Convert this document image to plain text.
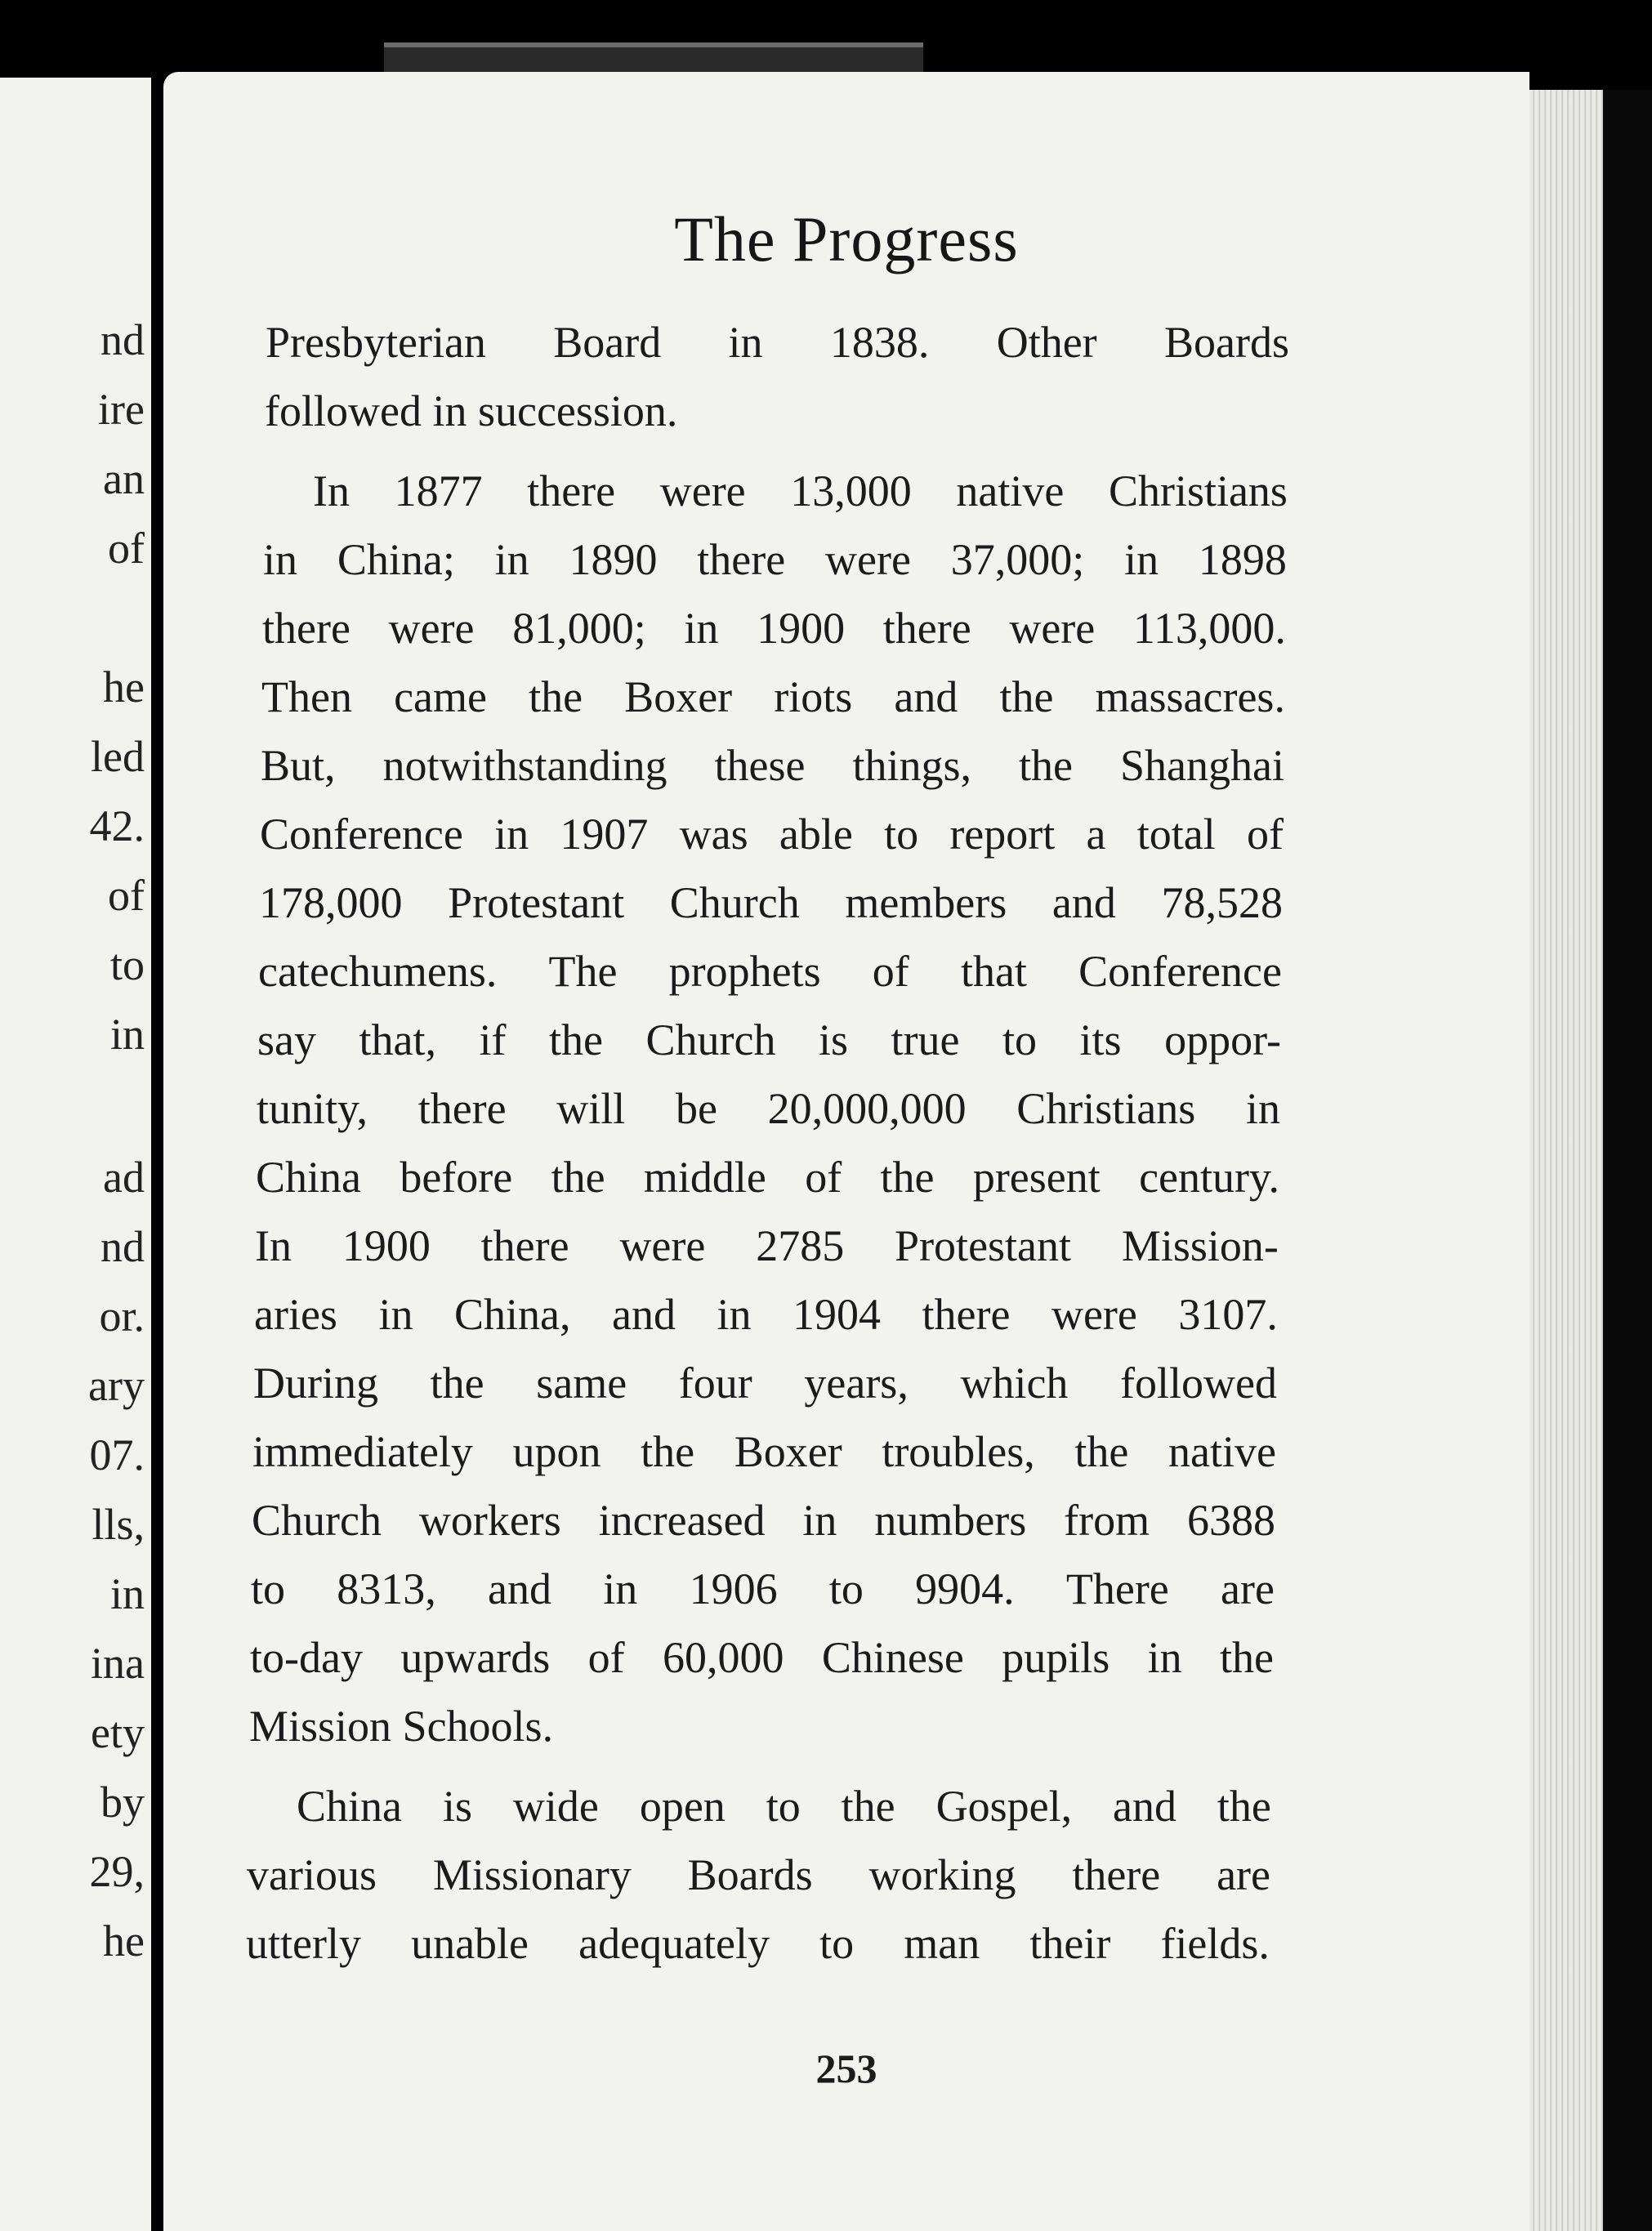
nd
ire
an
of
he
led
42.
of
to
in
ad
nd
or.
ary
07.
lls,
in
ina
ety
by
29,
he
The Progress
253
Presbyterian Board in 1838. Other Boards
followed in succession.
In 1877 there were 13,000 native Christians
in China; in 1890 there were 37,000; in 1898
there were 81,000; in 1900 there were 113,000.
Then came the Boxer riots and the massacres.
But, notwithstanding these things, the Shanghai
Conference in 1907 was able to report a total of
178,000 Protestant Church members and 78,528
catechumens. The prophets of that Conference
say that, if the Church is true to its oppor-
tunity, there will be 20,000,000 Christians in
China before the middle of the present century.
In 1900 there were 2785 Protestant Mission-
aries in China, and in 1904 there were 3107.
During the same four years, which followed
immediately upon the Boxer troubles, the native
Church workers increased in numbers from 6388
to 8313, and in 1906 to 9904. There are
to-day upwards of 60,000 Chinese pupils in the
Mission Schools.
China is wide open to the Gospel, and the
various Missionary Boards working there are
utterly unable adequately to man their fields.
